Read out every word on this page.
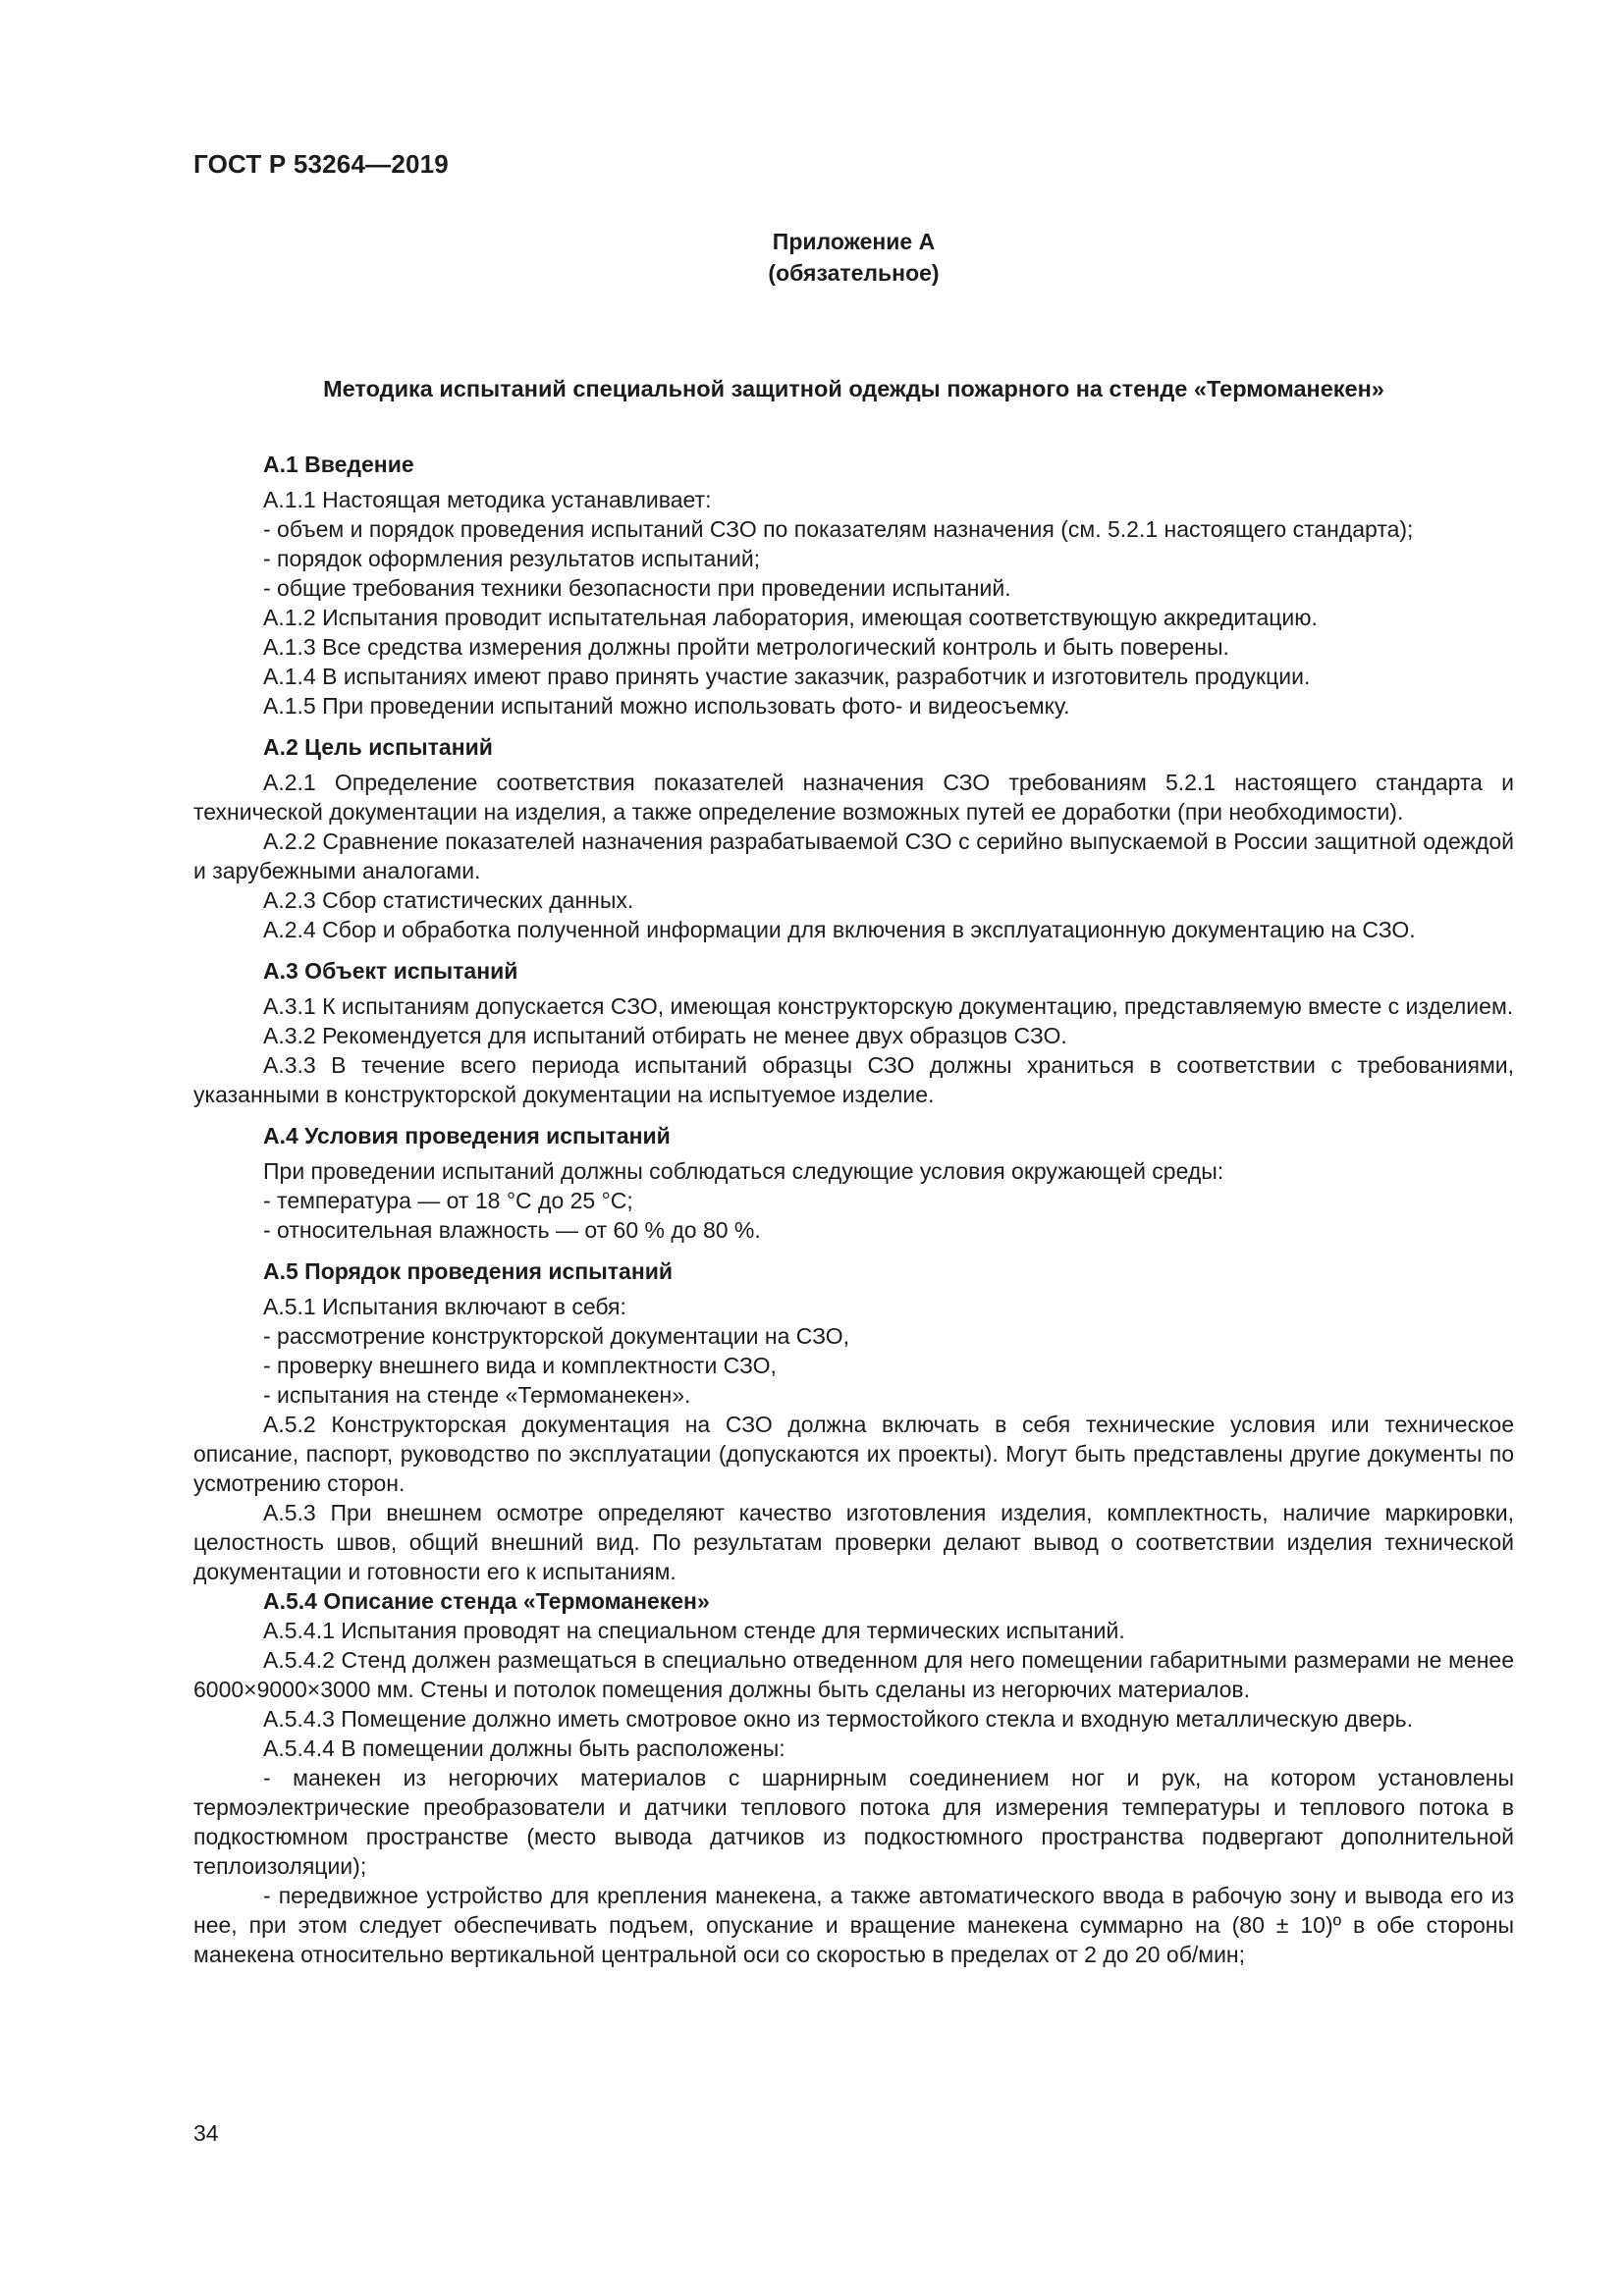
ГОСТ Р 53264—2019
Приложение А
(обязательное)
Методика испытаний специальной защитной одежды пожарного на стенде «Термоманекен»
А.1 Введение

А.1.1 Настоящая методика устанавливает:

- объем и порядок проведения испытаний СЗО по показателям назначения (см. 5.2.1 настоящего стандарта);

- порядок оформления результатов испытаний;

- общие требования техники безопасности при проведении испытаний.

А.1.2 Испытания проводит испытательная лаборатория, имеющая соответствующую аккредитацию.

А.1.3 Все средства измерения должны пройти метрологический контроль и быть поверены.

А.1.4 В испытаниях имеют право принять участие заказчик, разработчик и изготовитель продукции.

А.1.5 При проведении испытаний можно использовать фото- и видеосъемку.

А.2 Цель испытаний

А.2.1 Определение соответствия показателей назначения СЗО требованиям 5.2.1 настоящего стандарта и технической документации на изделия, а также определение возможных путей ее доработки (при необходимости).

А.2.2 Сравнение показателей назначения разрабатываемой СЗО с серийно выпускаемой в России защитной одеждой и зарубежными аналогами.

А.2.3 Сбор статистических данных.

А.2.4 Сбор и обработка полученной информации для включения в эксплуатационную документацию на СЗО.

А.3 Объект испытаний

А.3.1 К испытаниям допускается СЗО, имеющая конструкторскую документацию, представляемую вместе с изделием.

А.3.2 Рекомендуется для испытаний отбирать не менее двух образцов СЗО.

А.3.3 В течение всего периода испытаний образцы СЗО должны храниться в соответствии с требованиями, указанными в конструкторской документации на испытуемое изделие.

А.4 Условия проведения испытаний

При проведении испытаний должны соблюдаться следующие условия окружающей среды:

- температура — от 18 °С до 25 °С;

- относительная влажность — от 60 % до 80 %.

А.5 Порядок проведения испытаний

А.5.1 Испытания включают в себя:

- рассмотрение конструкторской документации на СЗО,

- проверку внешнего вида и комплектности СЗО,

- испытания на стенде «Термоманекен».

А.5.2 Конструкторская документация на СЗО должна включать в себя технические условия или техническое описание, паспорт, руководство по эксплуатации (допускаются их проекты). Могут быть представлены другие документы по усмотрению сторон.

А.5.3 При внешнем осмотре определяют качество изготовления изделия, комплектность, наличие маркировки, целостность швов, общий внешний вид. По результатам проверки делают вывод о соответствии изделия технической документации и готовности его к испытаниям.

А.5.4 Описание стенда «Термоманекен»

А.5.4.1 Испытания проводят на специальном стенде для термических испытаний.

А.5.4.2 Стенд должен размещаться в специально отведенном для него помещении габаритными размерами не менее 6000×9000×3000 мм. Стены и потолок помещения должны быть сделаны из негорючих материалов.

А.5.4.3 Помещение должно иметь смотровое окно из термостойкого стекла и входную металлическую дверь.

А.5.4.4 В помещении должны быть расположены:

- манекен из негорючих материалов с шарнирным соединением ног и рук, на котором установлены термоэлектрические преобразователи и датчики теплового потока для измерения температуры и теплового потока в подкостюмном пространстве (место вывода датчиков из подкостюмного пространства подвергают дополнительной теплоизоляции);

- передвижное устройство для крепления манекена, а также автоматического ввода в рабочую зону и вывода его из нее, при этом следует обеспечивать подъем, опускание и вращение манекена суммарно на (80 ± 10)º в обе стороны манекена относительно вертикальной центральной оси со скоростью в пределах от 2 до 20 об/мин;

34
